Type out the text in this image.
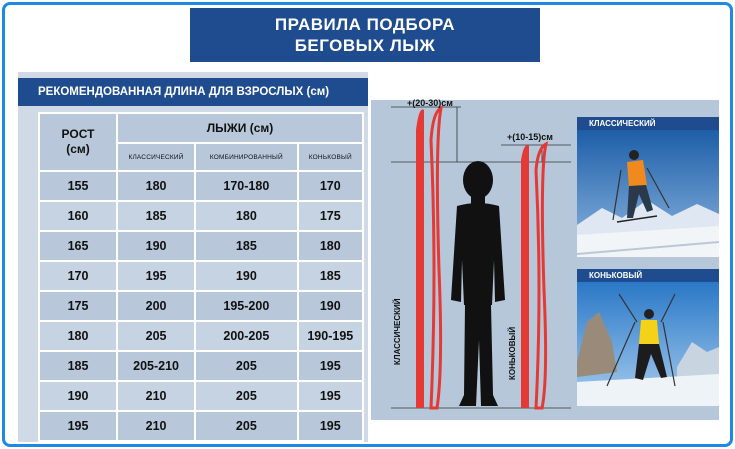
ПРАВИЛА ПОДБОРА
БЕГОВЫХ ЛЫЖ
РЕКОМЕНДОВАННАЯ ДЛИНА ДЛЯ ВЗРОСЛЫХ (см)
РОСТ
(см)	ЛЫЖИ (см)		
	КЛАССИЧЕСКИЙ	КОМБИНИРОВАННЫЙ	КОНЬКОВЫЙ
155	180	170-180	170
160	185	180	175
165	190	185	180
170	195	190	185
175	200	195-200	190
180	205	200-205	190-195
185	205-210	205	195
190	210	205	195
195	210	205	195
+(20-30)см
+(10-15)см
КЛАССИЧЕСКИЙ	КОНЬКОВЫЙ
КЛАССИЧЕСКИЙ
КОНЬКОВЫЙ
